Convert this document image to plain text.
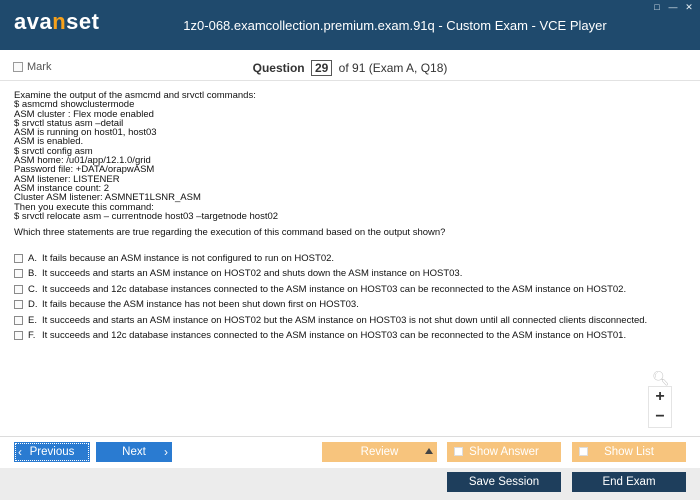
avanset	1z0-068.examcollection.premium.exam.91q - Custom Exam - VCE Player
□ — ✕
Mark	Question 29 of 91 (Exam A, Q18)
Examine the output of the asmcmd and srvctl commands:
$ asmcmd showclustermode
ASM cluster : Flex mode enabled
$ srvctl status asm –detail
ASM is running on host01, host03
ASM is enabled.
$ srvctl config asm
ASM home: /u01/app/12.1.0/grid
Password file: +DATA/orapwASM
ASM listener: LISTENER
ASM instance count: 2
Cluster ASM listener: ASMNET1LSNR_ASM
Then you execute this command:
$ srvctl relocate asm – currentnode host03 –targetnode host02
Which three statements are true regarding the execution of this command based on the output shown?
A. It fails because an ASM instance is not configured to run on HOST02.
B. It succeeds and starts an ASM instance on HOST02 and shuts down the ASM instance on HOST03.
C. It succeeds and 12c database instances connected to the ASM instance on HOST03 can be reconnected to the ASM instance on HOST02.
D. It fails because the ASM instance has not been shut down first on HOST03.
E. It succeeds and starts an ASM instance on HOST02 but the ASM instance on HOST03 is not shut down until all connected clients disconnected.
F. It succeeds and 12c database instances connected to the ASM instance on HOST03 can be reconnected to the ASM instance on HOST01.
🔍︎
+
−
‹ Previous	Next ›	Review	Show Answer	Show List
Save Session	End Exam
